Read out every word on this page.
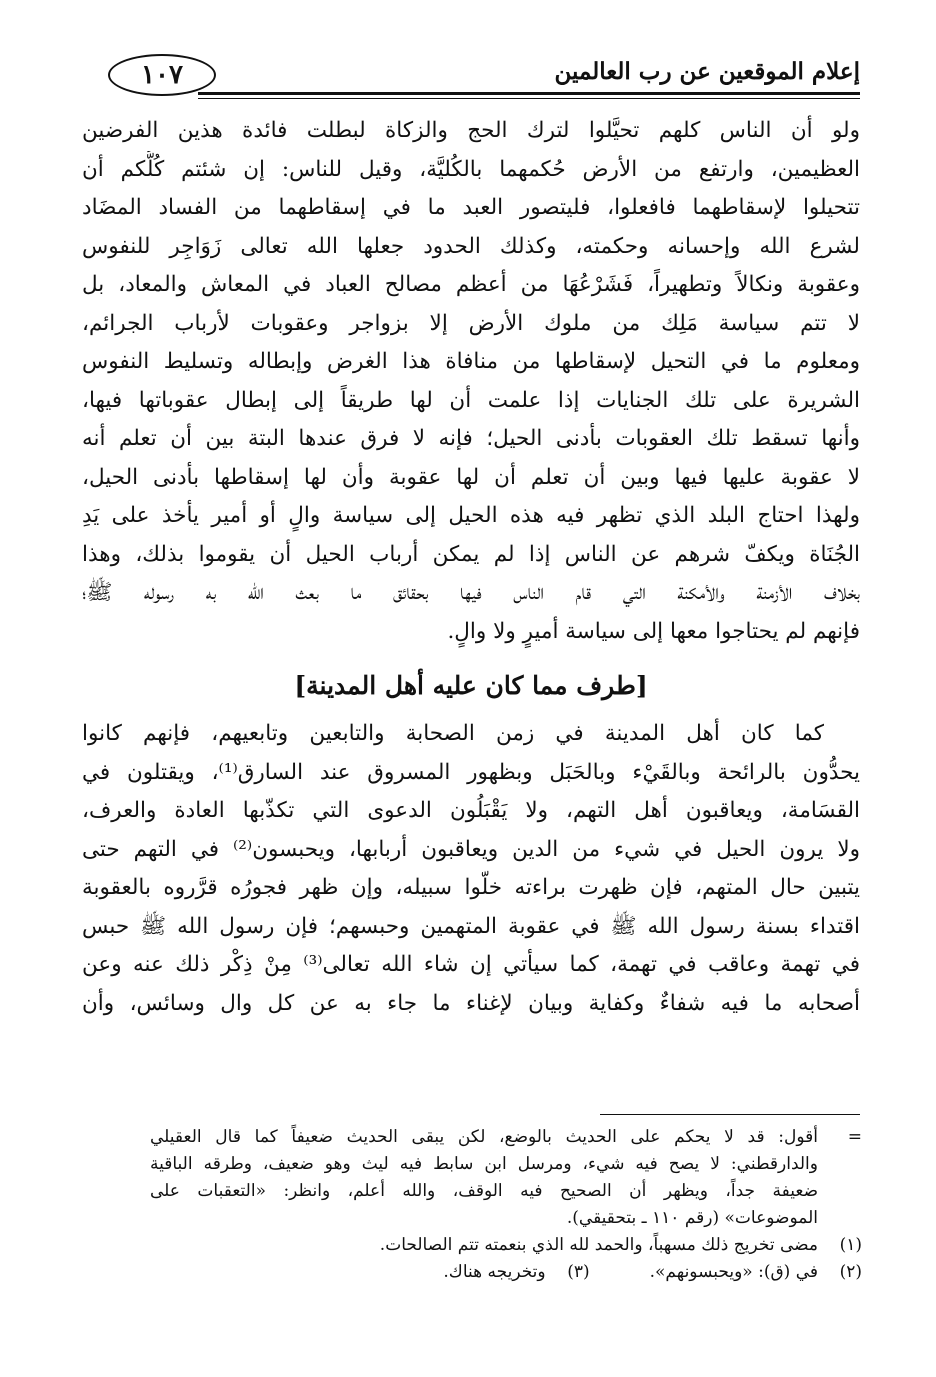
إعلام الموقعين عن رب العالمين
١٠٧
ولو أن الناس كلهم تحيَّلوا لترك الحج والزكاة لبطلت فائدة هذين الفرضين
العظيمين، وارتفع من الأرض حُكمهما بالكُليَّة، وقيل للناس: إن شئتم كُلُّكم أن
تتحيلوا لإسقاطهما فافعلوا، فليتصور العبد ما في إسقاطهما من الفساد المضَاد
لشرع الله وإحسانه وحكمته، وكذلك الحدود جعلها الله تعالى زَوَاجِر للنفوس
وعقوبة ونكالاً وتطهيراً، فَشَرْعُهَا من أعظم مصالح العباد في المعاش والمعاد، بل
لا تتم سياسة مَلِك من ملوك الأرض إلا بزواجر وعقوبات لأرباب الجرائم،
ومعلوم ما في التحيل لإسقاطها من منافاة هذا الغرض وإبطاله وتسليط النفوس
الشريرة على تلك الجنايات إذا علمت أن لها طريقاً إلى إبطال عقوباتها فيها،
وأنها تسقط تلك العقوبات بأدنى الحيل؛ فإنه لا فرق عندها البتة بين أن تعلم أنه
لا عقوبة عليها فيها وبين أن تعلم أن لها عقوبة وأن لها إسقاطها بأدنى الحيل،
ولهذا احتاج البلد الذي تظهر فيه هذه الحيل إلى سياسة والٍ أو أمير يأخذ على يَدِ
الجُنَاة ويكفّ شرهم عن الناس إذا لم يمكن أرباب الحيل أن يقوموا بذلك، وهذا
بخلاف الأزمنة والأمكنة التي قام الناس فيها بحقائق ما بعث الله به رسوله ﷺ؛
فإنهم لم يحتاجوا معها إلى سياسة أميرٍ ولا والٍ.
[طرف مما كان عليه أهل المدينة]
كما كان أهل المدينة في زمن الصحابة والتابعين وتابعيهم، فإنهم كانوا
يحدُّون بالرائحة وبالقَيْء وبالحَبَل وبظهور المسروق عند السارق⁽¹⁾، ويقتلون في
القسَامة، ويعاقبون أهل التهم، ولا يَقْبَلُون الدعوى التي تكذّبها العادة والعرف،
ولا يرون الحيل في شيء من الدين ويعاقبون أربابها، ويحبسون⁽²⁾ في التهم حتى
يتبين حال المتهم، فإن ظهرت براءته خلّوا سبيله، وإن ظهر فجورُه قرَّروه بالعقوبة
اقتداء بسنة رسول الله ﷺ في عقوبة المتهمين وحبسهم؛ فإن رسول الله ﷺ حبس
في تهمة وعاقب في تهمة، كما سيأتي إن شاء الله تعالى⁽³⁾ مِنْ ذِكْر ذلك عنه وعن
أصحابه ما فيه شفاءٌ وكفاية وبيان لإغناء ما جاء به عن كل وال وسائس، وأن
=
أقول: قد لا يحكم على الحديث بالوضع، لكن يبقى الحديث ضعيفاً كما قال العقيلي
والدارقطني: لا يصح فيه شيء، ومرسل ابن سابط فيه ليث وهو ضعيف، وطرقه الباقية
ضعيفة جداً، ويظهر أن الصحيح فيه الوقف، والله أعلم، وانظر: «التعقبات على
الموضوعات» (رقم ١١٠ ـ بتحقيقي).
(١)
مضى تخريج ذلك مسهباً، والحمد لله الذي بنعمته تتم الصالحات.
(٢)
في (ق): «ويحبسونهم».
(٣)
وتخريجه هناك.
